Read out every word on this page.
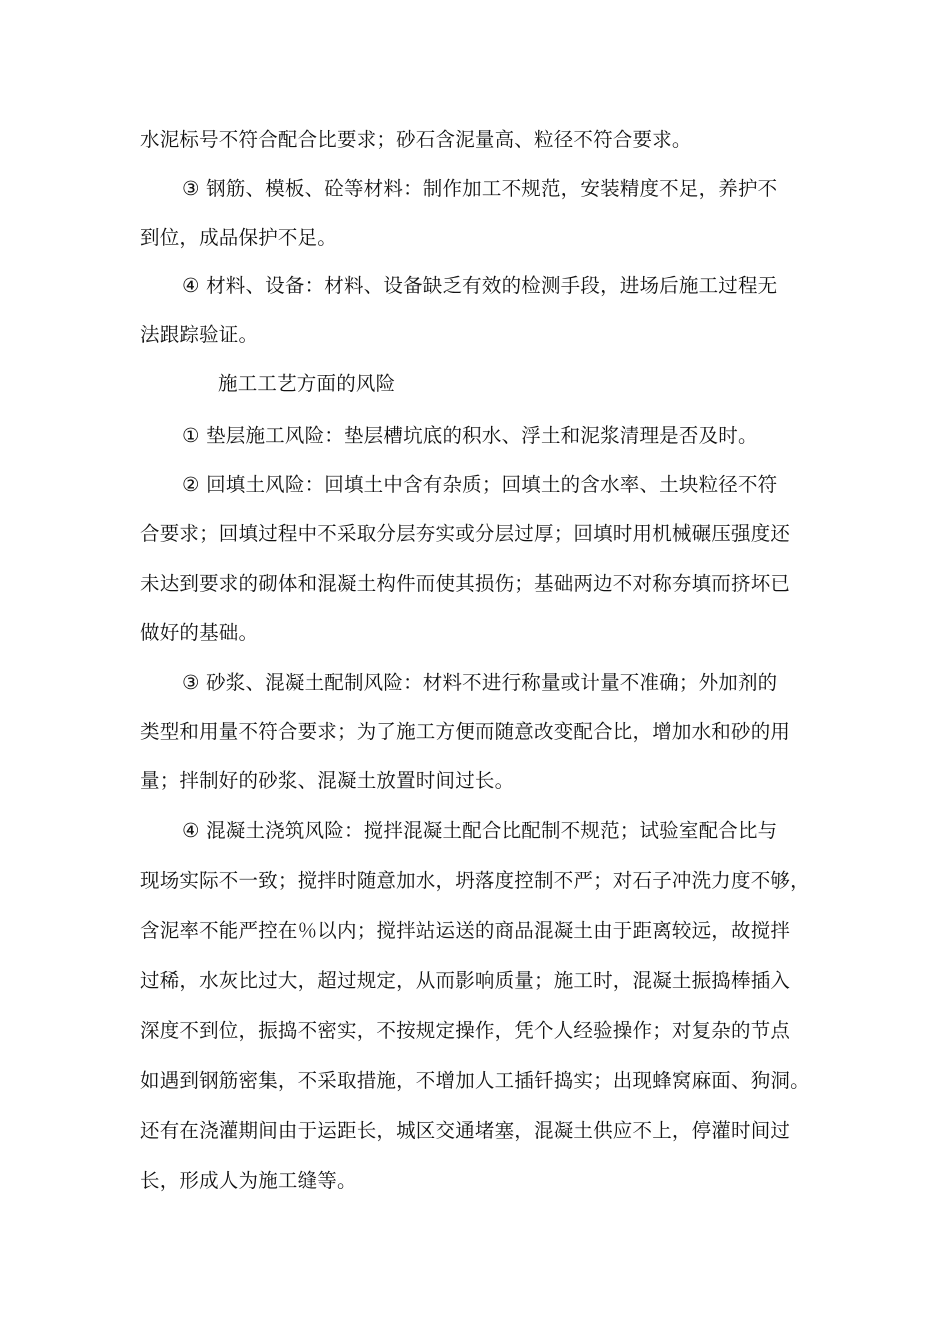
水泥标号不符合配合比要求；砂石含泥量高、粒径不符合要求。
③ 钢筋、模板、砼等材料：制作加工不规范，安装精度不足，养护不
到位，成品保护不足。
④ 材料、设备：材料、设备缺乏有效的检测手段，进场后施工过程无
法跟踪验证。
施工工艺方面的风险
① 垫层施工风险：垫层槽坑底的积水、浮土和泥浆清理是否及时。
② 回填土风险：回填土中含有杂质；回填土的含水率、土块粒径不符
合要求；回填过程中不采取分层夯实或分层过厚；回填时用机械碾压强度还
未达到要求的砌体和混凝土构件而使其损伤；基础两边不对称夯填而挤坏已
做好的基础。
③ 砂浆、混凝土配制风险：材料不进行称量或计量不准确；外加剂的
类型和用量不符合要求；为了施工方便而随意改变配合比，增加水和砂的用
量；拌制好的砂浆、混凝土放置时间过长。
④ 混凝土浇筑风险：搅拌混凝土配合比配制不规范；试验室配合比与
现场实际不一致；搅拌时随意加水，坍落度控制不严；对石子冲洗力度不够，
含泥率不能严控在％以内；搅拌站运送的商品混凝土由于距离较远，故搅拌
过稀，水灰比过大，超过规定，从而影响质量；施工时，混凝土振捣棒插入
深度不到位，振捣不密实，不按规定操作，凭个人经验操作；对复杂的节点
如遇到钢筋密集，不采取措施，不增加人工插钎捣实；出现蜂窝麻面、狗洞。
还有在浇灌期间由于运距长，城区交通堵塞，混凝土供应不上，停灌时间过
长，形成人为施工缝等。
